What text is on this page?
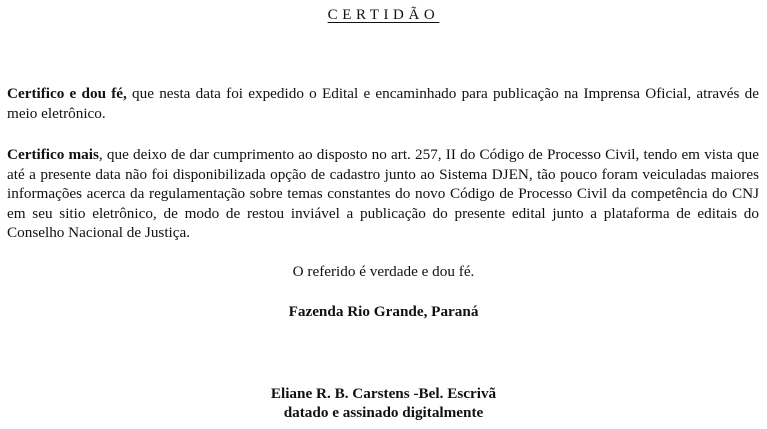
CERTIDÃO

Certifico e dou fé, que nesta data foi expedido o Edital e encaminhado para publicação na Imprensa Oficial, através de meio eletrônico.

Certifico mais, que deixo de dar cumprimento ao disposto no art. 257, II do Código de Processo Civil, tendo em vista que até a presente data não foi disponibilizada opção de cadastro junto ao Sistema DJEN, tão pouco foram veiculadas maiores informações acerca da regulamentação sobre temas constantes do novo Código de Processo Civil da competência do CNJ em seu sitio eletrônico, de modo de restou inviável a publicação do presente edital junto a plataforma de editais do Conselho Nacional de Justiça.

O referido é verdade e dou fé.
Fazenda Rio Grande, Paraná
Eliane R. B. Carstens -Bel. Escrivã
datado e assinado digitalmente
